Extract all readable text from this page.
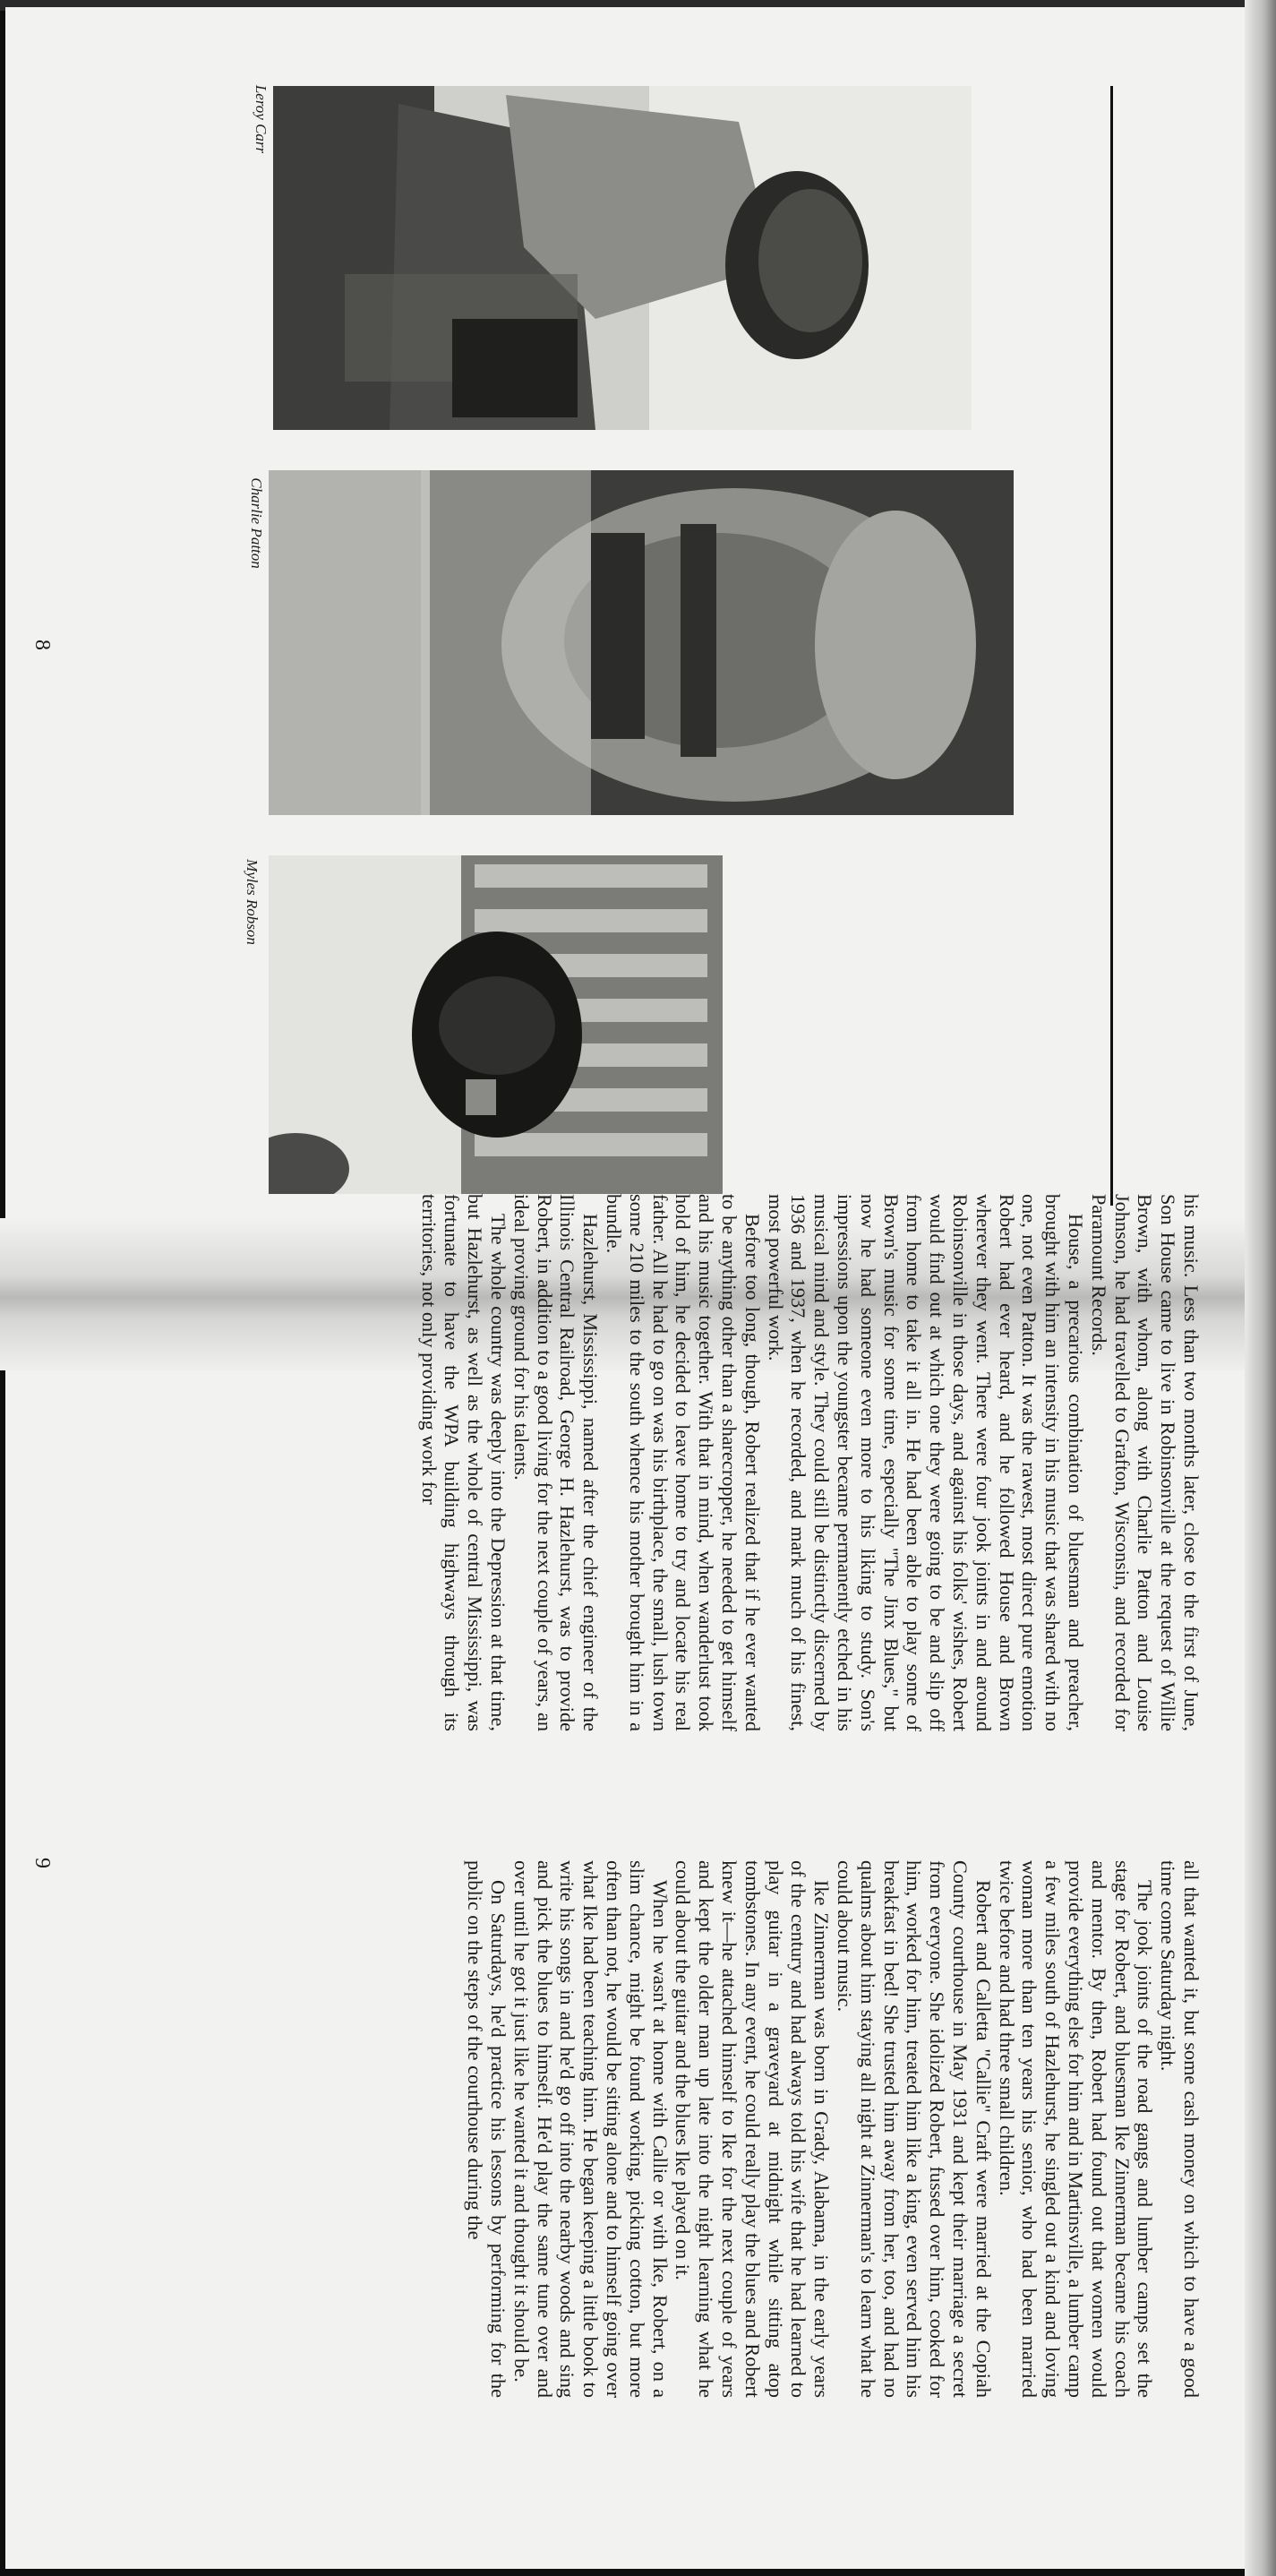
Leroy Carr
Charlie Patton
Myles Robson
8

his music. Less than two months later, close to the first of June, Son House came to live in Robinsonville at the request of Willie Brown, with whom, along with Charlie Patton and Louise Johnson, he had travelled to Grafton, Wisconsin, and recorded for Paramount Records.

House, a precarious combination of bluesman and preacher, brought with him an intensity in his music that was shared with no one, not even Patton. It was the rawest, most direct pure emotion Robert had ever heard, and he followed House and Brown wherever they went. There were four jook joints in and around Robinsonville in those days, and against his folks' wishes, Robert would find out at which one they were going to be and slip off from home to take it all in. He had been able to play some of Brown's music for some time, especially "The Jinx Blues," but now he had someone even more to his liking to study. Son's impressions upon the youngster became permanently etched in his musical mind and style. They could still be distinctly discerned by 1936 and 1937, when he recorded, and mark much of his finest, most powerful work.

Before too long, though, Robert realized that if he ever wanted to be anything other than a sharecropper, he needed to get himself and his music together. With that in mind, when wanderlust took hold of him, he decided to leave home to try and locate his real father. All he had to go on was his birthplace, the small, lush town some 210 miles to the south whence his mother brought him in a bundle.

Hazlehurst, Mississippi, named after the chief engineer of the Illinois Central Railroad, George H. Hazlehurst, was to provide Robert, in addition to a good living for the next couple of years, an ideal proving ground for his talents.

The whole country was deeply into the Depression at that time, but Hazlehurst, as well as the whole of central Mississippi, was fortunate to have the WPA building highways through its territories, not only providing work for

all that wanted it, but some cash money on which to have a good time come Saturday night.

The jook joints of the road gangs and lumber camps set the stage for Robert, and bluesman Ike Zinnerman became his coach and mentor. By then, Robert had found out that women would provide everything else for him and in Martinsville, a lumber camp a few miles south of Hazlehurst, he singled out a kind and loving woman more than ten years his senior, who had been married twice before and had three small children.

Robert and Calletta "Callie" Craft were married at the Copiah County courthouse in May 1931 and kept their marriage a secret from everyone. She idolized Robert, fussed over him, cooked for him, worked for him, treated him like a king, even served him his breakfast in bed! She trusted him away from her, too, and had no qualms about him staying all night at Zinnerman's to learn what he could about music.

Ike Zinnerman was born in Grady, Alabama, in the early years of the century and had always told his wife that he had learned to play guitar in a graveyard at midnight while sitting atop tombstones. In any event, he could really play the blues and Robert knew it—he attached himself to Ike for the next couple of years and kept the older man up late into the night learning what he could about the guitar and the blues Ike played on it.

When he wasn't at home with Callie or with Ike, Robert, on a slim chance, might be found working, picking cotton, but more often than not, he would be sitting alone and to himself going over what Ike had been teaching him. He began keeping a little book to write his songs in and he'd go off into the nearby woods and sing and pick the blues to himself. He'd play the same tune over and over until he got it just like he wanted it and thought it should be.

On Saturdays, he'd practice his lessons by performing for the public on the steps of the courthouse during the

9
